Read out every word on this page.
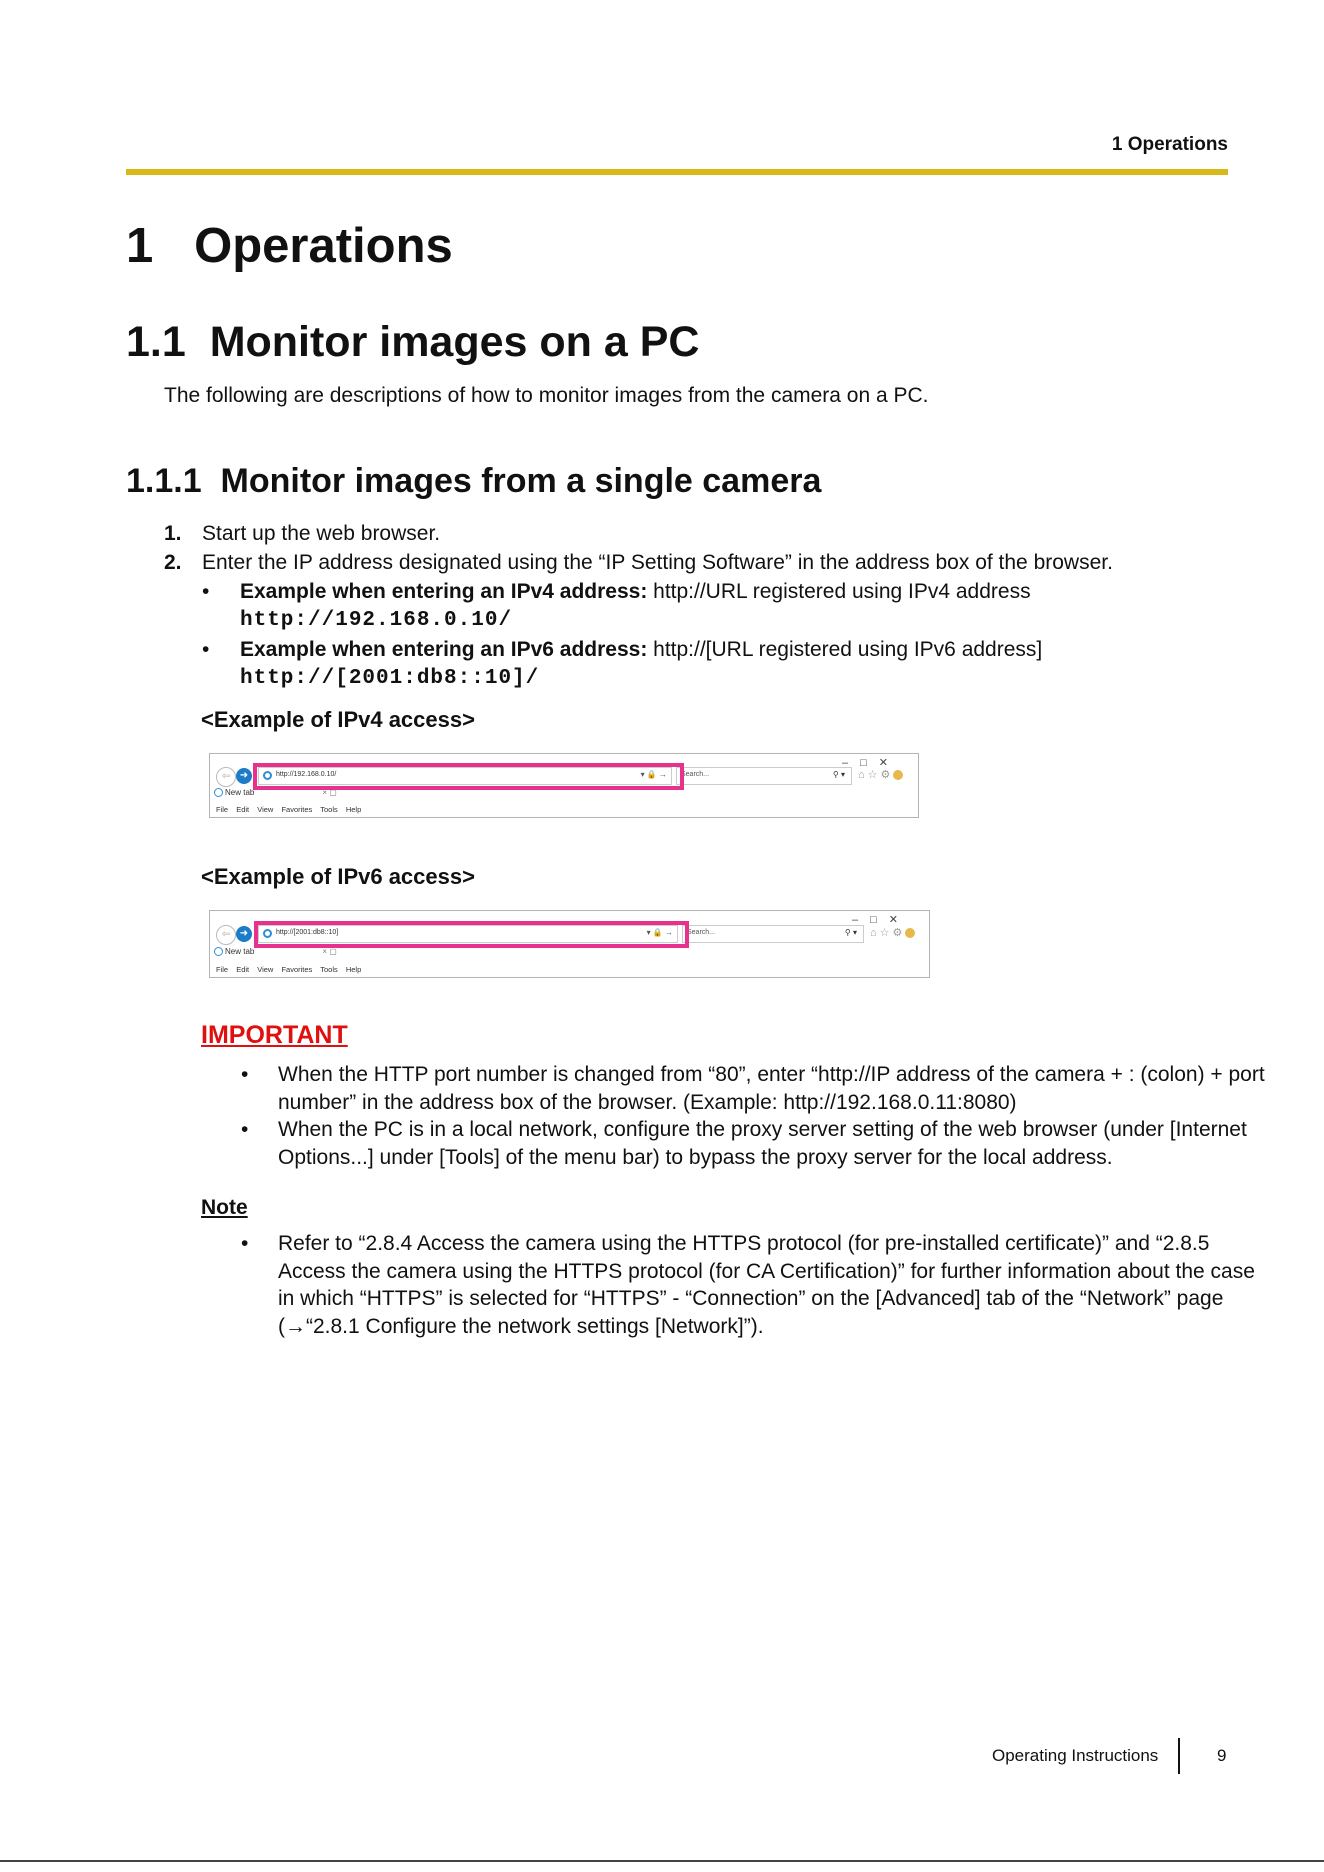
1 Operations
1 Operations
1.1 Monitor images on a PC
The following are descriptions of how to monitor images from the camera on a PC.
1.1.1 Monitor images from a single camera
1. Start up the web browser.
2. Enter the IP address designated using the “IP Setting Software” in the address box of the browser.
• Example when entering an IPv4 address: http://URL registered using IPv4 address
http://192.168.0.10/
• Example when entering an IPv6 address: http://[URL registered using IPv6 address]
http://[2001:db8::10]/
<Example of IPv4 access>
–□✕
⇦ ➜	http://192.168.0.10/	▾ 🔒 → Search...	⚲ ▾ ⌂☆⚙
New tab	× ▢
File Edit View Favorites Tools Help
<Example of IPv6 access>
–□✕
⇦ ➜	http://[2001:db8::10]	▾ 🔒 → Search...	⚲ ▾ ⌂☆⚙
New tab	× ▢
File Edit View Favorites Tools Help
IMPORTANT
• When the HTTP port number is changed from “80”, enter “http://IP address of the camera + : (colon) + port number” in the address box of the browser. (Example: http://192.168.0.11:8080)
• When the PC is in a local network, configure the proxy server setting of the web browser (under [Internet Options...] under [Tools] of the menu bar) to bypass the proxy server for the local address.
Note
• Refer to “2.8.4 Access the camera using the HTTPS protocol (for pre-installed certificate)” and “2.8.5 Access the camera using the HTTPS protocol (for CA Certification)” for further information about the case in which “HTTPS” is selected for “HTTPS” - “Connection” on the [Advanced] tab of the “Network” page (→“2.8.1 Configure the network settings [Network]”).
Operating Instructions	9
